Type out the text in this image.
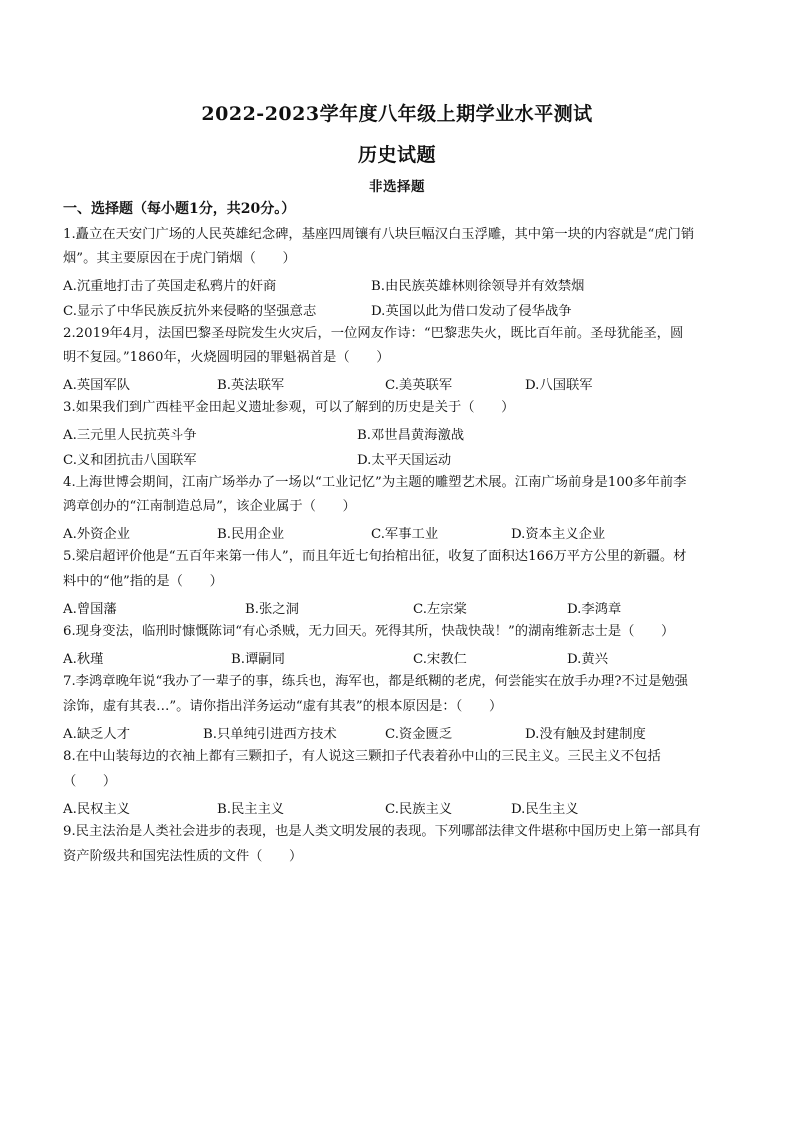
2022-2023学年度八年级上期学业水平测试
历史试题
非选择题
一、选择题（每小题1分，共20分。）
1.矗立在天安门广场的人民英雄纪念碑，基座四周镶有八块巨幅汉白玉浮雕，其中第一块的内容就是“虎门销
烟”。其主要原因在于虎门销烟（　　）
A.沉重地打击了英国走私鸦片的奸商	B.由民族英雄林则徐领导并有效禁烟
C.显示了中华民族反抗外来侵略的坚强意志	D.英国以此为借口发动了侵华战争
2.2019年4月，法国巴黎圣母院发生火灾后，一位网友作诗：“巴黎悲失火，既比百年前。圣母犹能圣，圆
明不复园。”1860年，火烧圆明园的罪魁祸首是（　　）
A.英国军队	B.英法联军	C.美英联军	D.八国联军
3.如果我们到广西桂平金田起义遗址参观，可以了解到的历史是关于（　　）
A.三元里人民抗英斗争	B.邓世昌黄海激战
C.义和团抗击八国联军	D.太平天国运动
4.上海世博会期间，江南广场举办了一场以“工业记忆”为主题的雕塑艺术展。江南广场前身是100多年前李
鸿章创办的“江南制造总局”，该企业属于（　　）
A.外资企业	B.民用企业	C.军事工业	D.资本主义企业
5.梁启超评价他是“五百年来第一伟人”，而且年近七旬抬棺出征，收复了面积达166万平方公里的新疆。材
料中的“他”指的是（　　）
A.曾国藩	B.张之洞	C.左宗棠	D.李鸿章
6.现身变法，临刑时慷慨陈词“有心杀贼，无力回天。死得其所，快哉快哉！”的湖南维新志士是（　　）
A.秋瑾	B.谭嗣同	C.宋教仁	D.黄兴
7.李鸿章晚年说“我办了一辈子的事，练兵也，海军也，都是纸糊的老虎，何尝能实在放手办理?不过是勉强
涂饰，虚有其表…”。请你指出洋务运动“虚有其表”的根本原因是：（　　）
A.缺乏人才	B.只单纯引进西方技术	C.资金匮乏	D.没有触及封建制度
8.在中山装每边的衣袖上都有三颗扣子，有人说这三颗扣子代表着孙中山的三民主义。三民主义不包括
（　　）
A.民权主义	B.民主主义	C.民族主义	D.民生主义
9.民主法治是人类社会进步的表现，也是人类文明发展的表现。下列哪部法律文件堪称中国历史上第一部具有
资产阶级共和国宪法性质的文件（　　）
